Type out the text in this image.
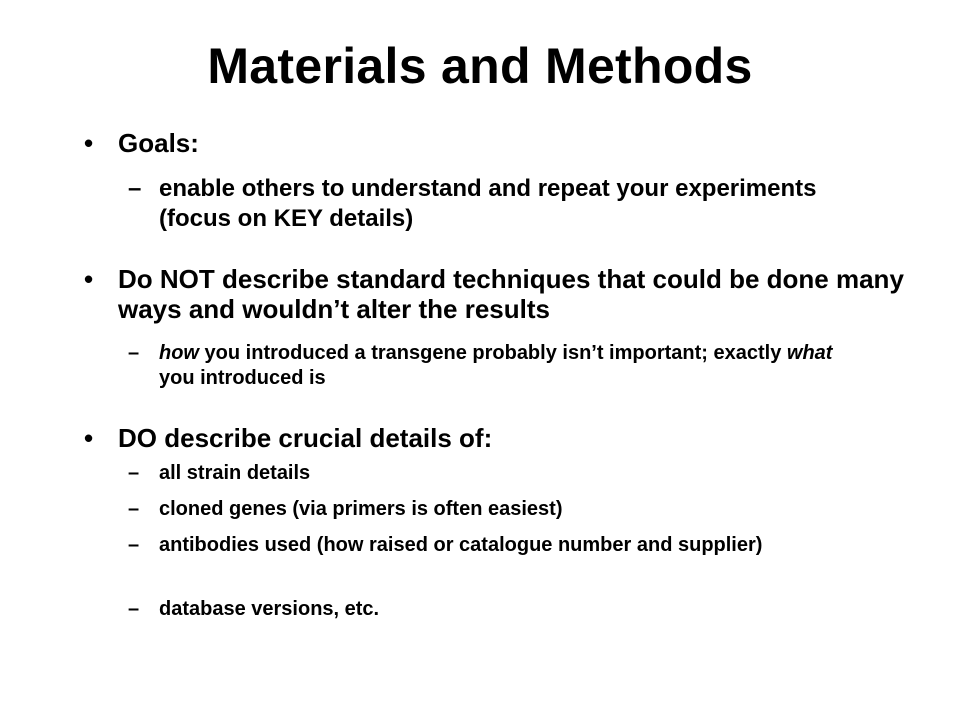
Materials and Methods
• Goals:
– enable others to understand and repeat your experiments (focus on KEY details)
• Do NOT describe standard techniques that could be done many ways and wouldn’t alter the results
– how you introduced a transgene probably isn’t important; exactly what you introduced is
• DO describe crucial details of:
– all strain details
– cloned genes (via primers is often easiest)
– antibodies used (how raised or catalogue number and supplier)
– database versions, etc.
